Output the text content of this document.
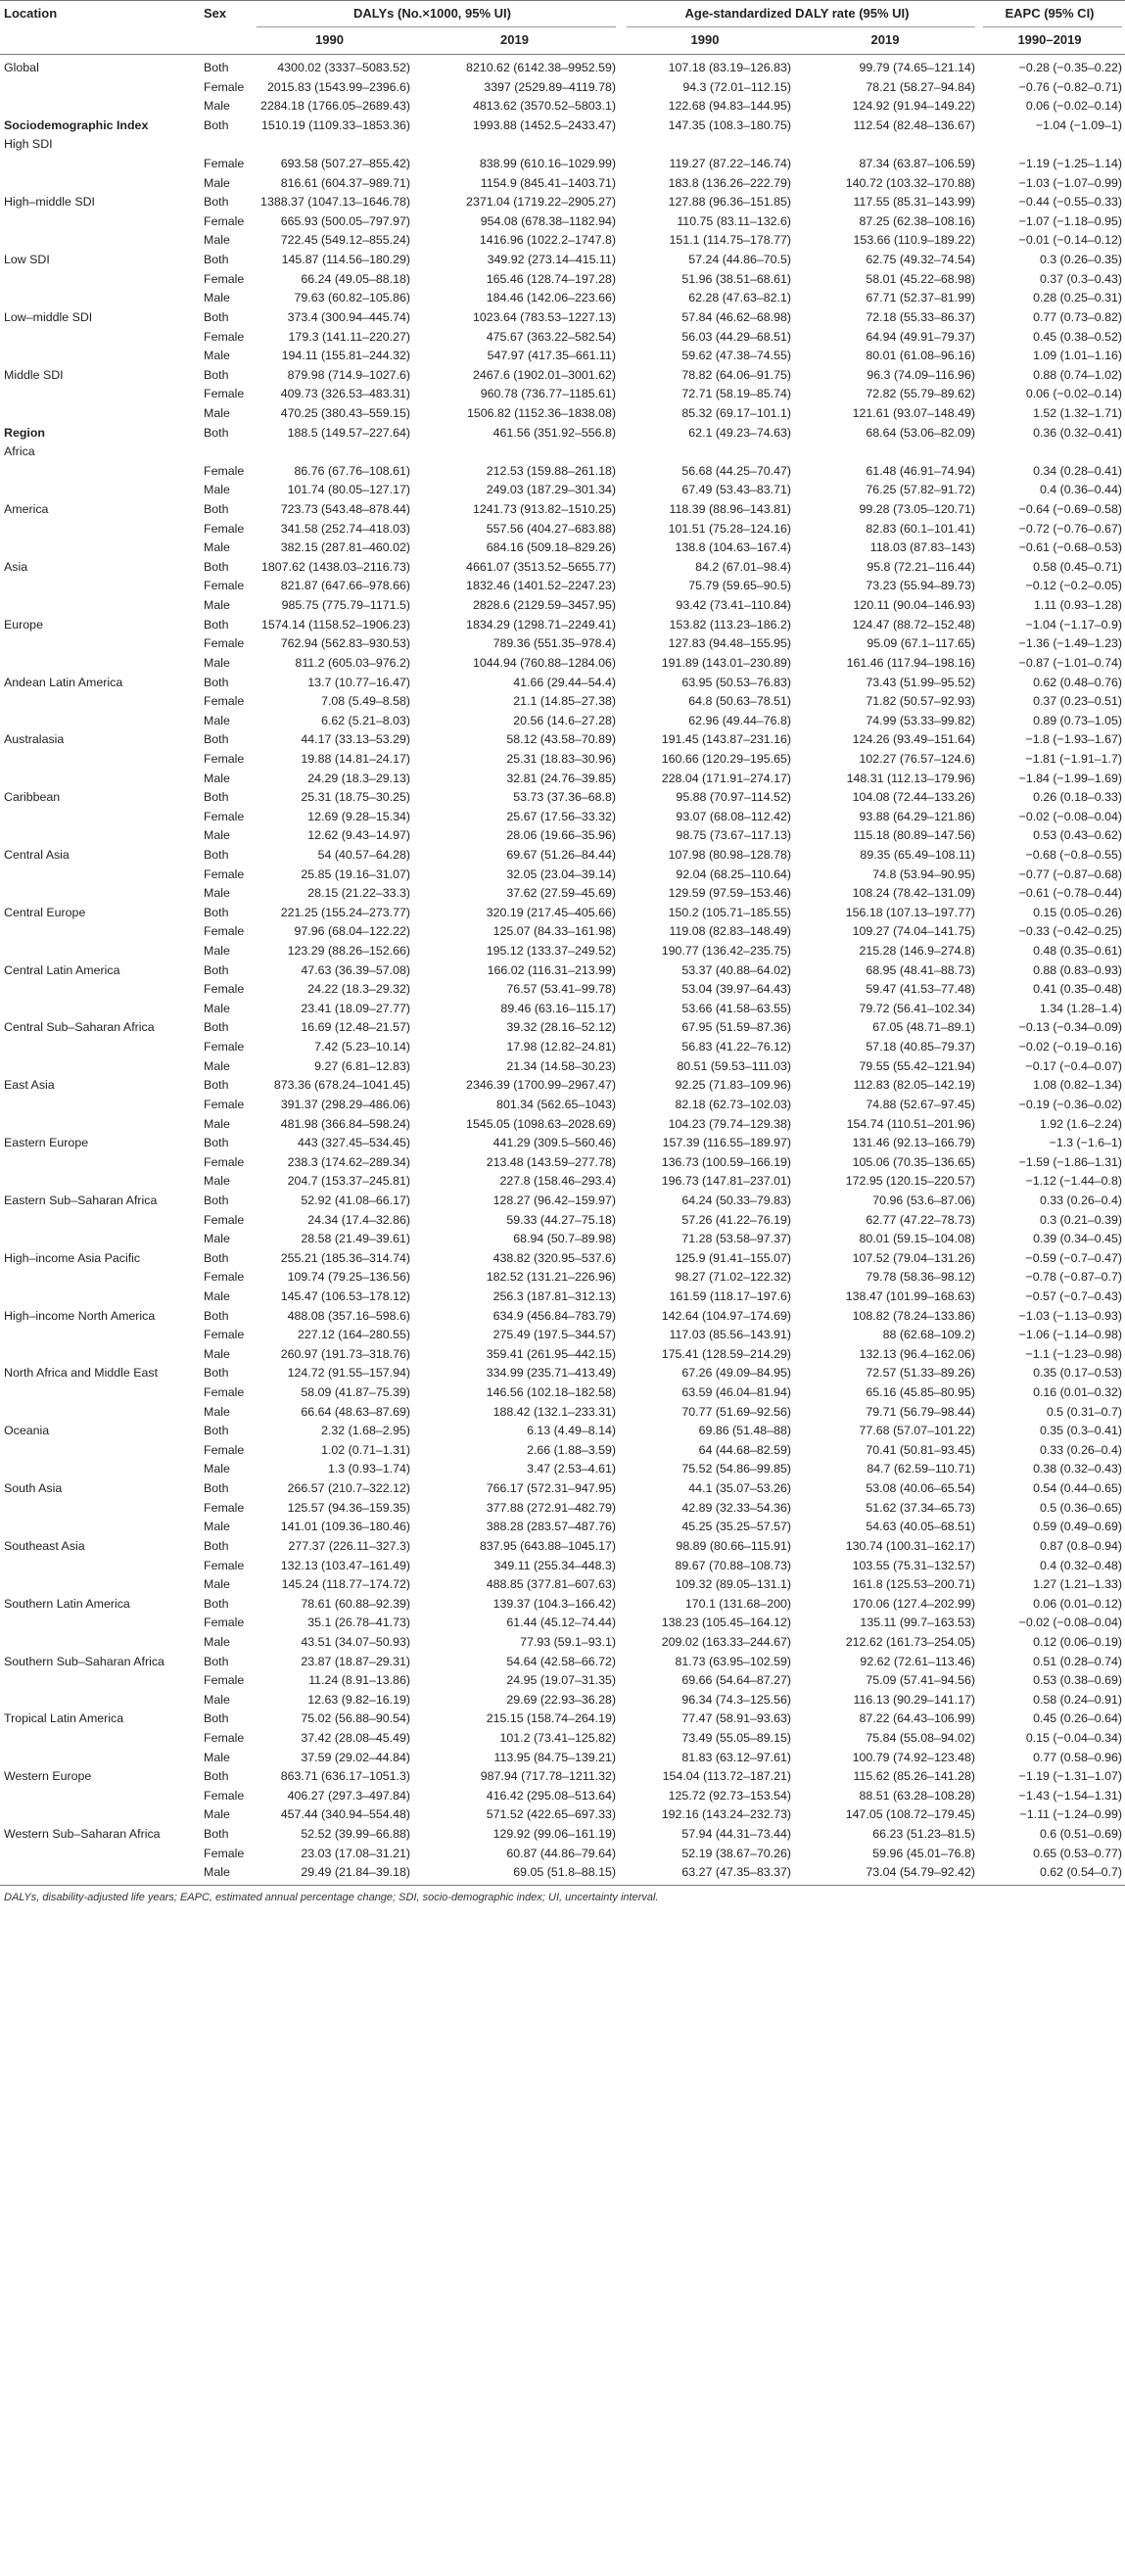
Location	Sex	DALYs (No.×1000, 95% UI)	Age-standardized DALY rate (95% UI)	EAPC (95% CI)
1990	2019	1990	2019	1990–2019
Global	Both	4300.02 (3337–5083.52)	8210.62 (6142.38–9952.59)	107.18 (83.19–126.83)	99.79 (74.65–121.14)	−0.28 (−0.35–0.22)
Female	2015.83 (1543.99–2396.6)	3397 (2529.89–4119.78)	94.3 (72.01–112.15)	78.21 (58.27–94.84)	−0.76 (−0.82–0.71)
Male	2284.18 (1766.05–2689.43)	4813.62 (3570.52–5803.1)	122.68 (94.83–144.95)	124.92 (91.94–149.22)	0.06 (−0.02–0.14)
Sociodemographic Index	Both	1510.19 (1109.33–1853.36)	1993.88 (1452.5–2433.47)	147.35 (108.3–180.75)	112.54 (82.48–136.67)	−1.04 (−1.09–1)
High SDI
Female	693.58 (507.27–855.42)	838.99 (610.16–1029.99)	119.27 (87.22–146.74)	87.34 (63.87–106.59)	−1.19 (−1.25–1.14)
Male	816.61 (604.37–989.71)	1154.9 (845.41–1403.71)	183.8 (136.26–222.79)	140.72 (103.32–170.88)	−1.03 (−1.07–0.99)
High–middle SDI	Both	1388.37 (1047.13–1646.78)	2371.04 (1719.22–2905.27)	127.88 (96.36–151.85)	117.55 (85.31–143.99)	−0.44 (−0.55–0.33)
Female	665.93 (500.05–797.97)	954.08 (678.38–1182.94)	110.75 (83.11–132.6)	87.25 (62.38–108.16)	−1.07 (−1.18–0.95)
Male	722.45 (549.12–855.24)	1416.96 (1022.2–1747.8)	151.1 (114.75–178.77)	153.66 (110.9–189.22)	−0.01 (−0.14–0.12)
Low SDI	Both	145.87 (114.56–180.29)	349.92 (273.14–415.11)	57.24 (44.86–70.5)	62.75 (49.32–74.54)	0.3 (0.26–0.35)
Female	66.24 (49.05–88.18)	165.46 (128.74–197.28)	51.96 (38.51–68.61)	58.01 (45.22–68.98)	0.37 (0.3–0.43)
Male	79.63 (60.82–105.86)	184.46 (142.06–223.66)	62.28 (47.63–82.1)	67.71 (52.37–81.99)	0.28 (0.25–0.31)
Low–middle SDI	Both	373.4 (300.94–445.74)	1023.64 (783.53–1227.13)	57.84 (46.62–68.98)	72.18 (55.33–86.37)	0.77 (0.73–0.82)
Female	179.3 (141.11–220.27)	475.67 (363.22–582.54)	56.03 (44.29–68.51)	64.94 (49.91–79.37)	0.45 (0.38–0.52)
Male	194.11 (155.81–244.32)	547.97 (417.35–661.11)	59.62 (47.38–74.55)	80.01 (61.08–96.16)	1.09 (1.01–1.16)
Middle SDI	Both	879.98 (714.9–1027.6)	2467.6 (1902.01–3001.62)	78.82 (64.06–91.75)	96.3 (74.09–116.96)	0.88 (0.74–1.02)
Female	409.73 (326.53–483.31)	960.78 (736.77–1185.61)	72.71 (58.19–85.74)	72.82 (55.79–89.62)	0.06 (−0.02–0.14)
Male	470.25 (380.43–559.15)	1506.82 (1152.36–1838.08)	85.32 (69.17–101.1)	121.61 (93.07–148.49)	1.52 (1.32–1.71)
Region	Both	188.5 (149.57–227.64)	461.56 (351.92–556.8)	62.1 (49.23–74.63)	68.64 (53.06–82.09)	0.36 (0.32–0.41)
Africa
Female	86.76 (67.76–108.61)	212.53 (159.88–261.18)	56.68 (44.25–70.47)	61.48 (46.91–74.94)	0.34 (0.28–0.41)
Male	101.74 (80.05–127.17)	249.03 (187.29–301.34)	67.49 (53.43–83.71)	76.25 (57.82–91.72)	0.4 (0.36–0.44)
America	Both	723.73 (543.48–878.44)	1241.73 (913.82–1510.25)	118.39 (88.96–143.81)	99.28 (73.05–120.71)	−0.64 (−0.69–0.58)
Female	341.58 (252.74–418.03)	557.56 (404.27–683.88)	101.51 (75.28–124.16)	82.83 (60.1–101.41)	−0.72 (−0.76–0.67)
Male	382.15 (287.81–460.02)	684.16 (509.18–829.26)	138.8 (104.63–167.4)	118.03 (87.83–143)	−0.61 (−0.68–0.53)
Asia	Both	1807.62 (1438.03–2116.73)	4661.07 (3513.52–5655.77)	84.2 (67.01–98.4)	95.8 (72.21–116.44)	0.58 (0.45–0.71)
Female	821.87 (647.66–978.66)	1832.46 (1401.52–2247.23)	75.79 (59.65–90.5)	73.23 (55.94–89.73)	−0.12 (−0.2–0.05)
Male	985.75 (775.79–1171.5)	2828.6 (2129.59–3457.95)	93.42 (73.41–110.84)	120.11 (90.04–146.93)	1.11 (0.93–1.28)
Europe	Both	1574.14 (1158.52–1906.23)	1834.29 (1298.71–2249.41)	153.82 (113.23–186.2)	124.47 (88.72–152.48)	−1.04 (−1.17–0.9)
Female	762.94 (562.83–930.53)	789.36 (551.35–978.4)	127.83 (94.48–155.95)	95.09 (67.1–117.65)	−1.36 (−1.49–1.23)
Male	811.2 (605.03–976.2)	1044.94 (760.88–1284.06)	191.89 (143.01–230.89)	161.46 (117.94–198.16)	−0.87 (−1.01–0.74)
Andean Latin America	Both	13.7 (10.77–16.47)	41.66 (29.44–54.4)	63.95 (50.53–76.83)	73.43 (51.99–95.52)	0.62 (0.48–0.76)
Female	7.08 (5.49–8.58)	21.1 (14.85–27.38)	64.8 (50.63–78.51)	71.82 (50.57–92.93)	0.37 (0.23–0.51)
Male	6.62 (5.21–8.03)	20.56 (14.6–27.28)	62.96 (49.44–76.8)	74.99 (53.33–99.82)	0.89 (0.73–1.05)
Australasia	Both	44.17 (33.13–53.29)	58.12 (43.58–70.89)	191.45 (143.87–231.16)	124.26 (93.49–151.64)	−1.8 (−1.93–1.67)
Female	19.88 (14.81–24.17)	25.31 (18.83–30.96)	160.66 (120.29–195.65)	102.27 (76.57–124.6)	−1.81 (−1.91–1.7)
Male	24.29 (18.3–29.13)	32.81 (24.76–39.85)	228.04 (171.91–274.17)	148.31 (112.13–179.96)	−1.84 (−1.99–1.69)
Caribbean	Both	25.31 (18.75–30.25)	53.73 (37.36–68.8)	95.88 (70.97–114.52)	104.08 (72.44–133.26)	0.26 (0.18–0.33)
Female	12.69 (9.28–15.34)	25.67 (17.56–33.32)	93.07 (68.08–112.42)	93.88 (64.29–121.86)	−0.02 (−0.08–0.04)
Male	12.62 (9.43–14.97)	28.06 (19.66–35.96)	98.75 (73.67–117.13)	115.18 (80.89–147.56)	0.53 (0.43–0.62)
Central Asia	Both	54 (40.57–64.28)	69.67 (51.26–84.44)	107.98 (80.98–128.78)	89.35 (65.49–108.11)	−0.68 (−0.8–0.55)
Female	25.85 (19.16–31.07)	32.05 (23.04–39.14)	92.04 (68.25–110.64)	74.8 (53.94–90.95)	−0.77 (−0.87–0.68)
Male	28.15 (21.22–33.3)	37.62 (27.59–45.69)	129.59 (97.59–153.46)	108.24 (78.42–131.09)	−0.61 (−0.78–0.44)
Central Europe	Both	221.25 (155.24–273.77)	320.19 (217.45–405.66)	150.2 (105.71–185.55)	156.18 (107.13–197.77)	0.15 (0.05–0.26)
Female	97.96 (68.04–122.22)	125.07 (84.33–161.98)	119.08 (82.83–148.49)	109.27 (74.04–141.75)	−0.33 (−0.42–0.25)
Male	123.29 (88.26–152.66)	195.12 (133.37–249.52)	190.77 (136.42–235.75)	215.28 (146.9–274.8)	0.48 (0.35–0.61)
Central Latin America	Both	47.63 (36.39–57.08)	166.02 (116.31–213.99)	53.37 (40.88–64.02)	68.95 (48.41–88.73)	0.88 (0.83–0.93)
Female	24.22 (18.3–29.32)	76.57 (53.41–99.78)	53.04 (39.97–64.43)	59.47 (41.53–77.48)	0.41 (0.35–0.48)
Male	23.41 (18.09–27.77)	89.46 (63.16–115.17)	53.66 (41.58–63.55)	79.72 (56.41–102.34)	1.34 (1.28–1.4)
Central Sub–Saharan Africa	Both	16.69 (12.48–21.57)	39.32 (28.16–52.12)	67.95 (51.59–87.36)	67.05 (48.71–89.1)	−0.13 (−0.34–0.09)
Female	7.42 (5.23–10.14)	17.98 (12.82–24.81)	56.83 (41.22–76.12)	57.18 (40.85–79.37)	−0.02 (−0.19–0.16)
Male	9.27 (6.81–12.83)	21.34 (14.58–30.23)	80.51 (59.53–111.03)	79.55 (55.42–121.94)	−0.17 (−0.4–0.07)
East Asia	Both	873.36 (678.24–1041.45)	2346.39 (1700.99–2967.47)	92.25 (71.83–109.96)	112.83 (82.05–142.19)	1.08 (0.82–1.34)
Female	391.37 (298.29–486.06)	801.34 (562.65–1043)	82.18 (62.73–102.03)	74.88 (52.67–97.45)	−0.19 (−0.36–0.02)
Male	481.98 (366.84–598.24)	1545.05 (1098.63–2028.69)	104.23 (79.74–129.38)	154.74 (110.51–201.96)	1.92 (1.6–2.24)
Eastern Europe	Both	443 (327.45–534.45)	441.29 (309.5–560.46)	157.39 (116.55–189.97)	131.46 (92.13–166.79)	−1.3 (−1.6–1)
Female	238.3 (174.62–289.34)	213.48 (143.59–277.78)	136.73 (100.59–166.19)	105.06 (70.35–136.65)	−1.59 (−1.86–1.31)
Male	204.7 (153.37–245.81)	227.8 (158.46–293.4)	196.73 (147.81–237.01)	172.95 (120.15–220.57)	−1.12 (−1.44–0.8)
Eastern Sub–Saharan Africa	Both	52.92 (41.08–66.17)	128.27 (96.42–159.97)	64.24 (50.33–79.83)	70.96 (53.6–87.06)	0.33 (0.26–0.4)
Female	24.34 (17.4–32.86)	59.33 (44.27–75.18)	57.26 (41.22–76.19)	62.77 (47.22–78.73)	0.3 (0.21–0.39)
Male	28.58 (21.49–39.61)	68.94 (50.7–89.98)	71.28 (53.58–97.37)	80.01 (59.15–104.08)	0.39 (0.34–0.45)
High–income Asia Pacific	Both	255.21 (185.36–314.74)	438.82 (320.95–537.6)	125.9 (91.41–155.07)	107.52 (79.04–131.26)	−0.59 (−0.7–0.47)
Female	109.74 (79.25–136.56)	182.52 (131.21–226.96)	98.27 (71.02–122.32)	79.78 (58.36–98.12)	−0.78 (−0.87–0.7)
Male	145.47 (106.53–178.12)	256.3 (187.81–312.13)	161.59 (118.17–197.6)	138.47 (101.99–168.63)	−0.57 (−0.7–0.43)
High–income North America	Both	488.08 (357.16–598.6)	634.9 (456.84–783.79)	142.64 (104.97–174.69)	108.82 (78.24–133.86)	−1.03 (−1.13–0.93)
Female	227.12 (164–280.55)	275.49 (197.5–344.57)	117.03 (85.56–143.91)	88 (62.68–109.2)	−1.06 (−1.14–0.98)
Male	260.97 (191.73–318.76)	359.41 (261.95–442.15)	175.41 (128.59–214.29)	132.13 (96.4–162.06)	−1.1 (−1.23–0.98)
North Africa and Middle East	Both	124.72 (91.55–157.94)	334.99 (235.71–413.49)	67.26 (49.09–84.95)	72.57 (51.33–89.26)	0.35 (0.17–0.53)
Female	58.09 (41.87–75.39)	146.56 (102.18–182.58)	63.59 (46.04–81.94)	65.16 (45.85–80.95)	0.16 (0.01–0.32)
Male	66.64 (48.63–87.69)	188.42 (132.1–233.31)	70.77 (51.69–92.56)	79.71 (56.79–98.44)	0.5 (0.31–0.7)
Oceania	Both	2.32 (1.68–2.95)	6.13 (4.49–8.14)	69.86 (51.48–88)	77.68 (57.07–101.22)	0.35 (0.3–0.41)
Female	1.02 (0.71–1.31)	2.66 (1.88–3.59)	64 (44.68–82.59)	70.41 (50.81–93.45)	0.33 (0.26–0.4)
Male	1.3 (0.93–1.74)	3.47 (2.53–4.61)	75.52 (54.86–99.85)	84.7 (62.59–110.71)	0.38 (0.32–0.43)
South Asia	Both	266.57 (210.7–322.12)	766.17 (572.31–947.95)	44.1 (35.07–53.26)	53.08 (40.06–65.54)	0.54 (0.44–0.65)
Female	125.57 (94.36–159.35)	377.88 (272.91–482.79)	42.89 (32.33–54.36)	51.62 (37.34–65.73)	0.5 (0.36–0.65)
Male	141.01 (109.36–180.46)	388.28 (283.57–487.76)	45.25 (35.25–57.57)	54.63 (40.05–68.51)	0.59 (0.49–0.69)
Southeast Asia	Both	277.37 (226.11–327.3)	837.95 (643.88–1045.17)	98.89 (80.66–115.91)	130.74 (100.31–162.17)	0.87 (0.8–0.94)
Female	132.13 (103.47–161.49)	349.11 (255.34–448.3)	89.67 (70.88–108.73)	103.55 (75.31–132.57)	0.4 (0.32–0.48)
Male	145.24 (118.77–174.72)	488.85 (377.81–607.63)	109.32 (89.05–131.1)	161.8 (125.53–200.71)	1.27 (1.21–1.33)
Southern Latin America	Both	78.61 (60.88–92.39)	139.37 (104.3–166.42)	170.1 (131.68–200)	170.06 (127.4–202.99)	0.06 (0.01–0.12)
Female	35.1 (26.78–41.73)	61.44 (45.12–74.44)	138.23 (105.45–164.12)	135.11 (99.7–163.53)	−0.02 (−0.08–0.04)
Male	43.51 (34.07–50.93)	77.93 (59.1–93.1)	209.02 (163.33–244.67)	212.62 (161.73–254.05)	0.12 (0.06–0.19)
Southern Sub–Saharan Africa	Both	23.87 (18.87–29.31)	54.64 (42.58–66.72)	81.73 (63.95–102.59)	92.62 (72.61–113.46)	0.51 (0.28–0.74)
Female	11.24 (8.91–13.86)	24.95 (19.07–31.35)	69.66 (54.64–87.27)	75.09 (57.41–94.56)	0.53 (0.38–0.69)
Male	12.63 (9.82–16.19)	29.69 (22.93–36.28)	96.34 (74.3–125.56)	116.13 (90.29–141.17)	0.58 (0.24–0.91)
Tropical Latin America	Both	75.02 (56.88–90.54)	215.15 (158.74–264.19)	77.47 (58.91–93.63)	87.22 (64.43–106.99)	0.45 (0.26–0.64)
Female	37.42 (28.08–45.49)	101.2 (73.41–125.82)	73.49 (55.05–89.15)	75.84 (55.08–94.02)	0.15 (−0.04–0.34)
Male	37.59 (29.02–44.84)	113.95 (84.75–139.21)	81.83 (63.12–97.61)	100.79 (74.92–123.48)	0.77 (0.58–0.96)
Western Europe	Both	863.71 (636.17–1051.3)	987.94 (717.78–1211.32)	154.04 (113.72–187.21)	115.62 (85.26–141.28)	−1.19 (−1.31–1.07)
Female	406.27 (297.3–497.84)	416.42 (295.08–513.64)	125.72 (92.73–153.54)	88.51 (63.28–108.28)	−1.43 (−1.54–1.31)
Male	457.44 (340.94–554.48)	571.52 (422.65–697.33)	192.16 (143.24–232.73)	147.05 (108.72–179.45)	−1.11 (−1.24–0.99)
Western Sub–Saharan Africa	Both	52.52 (39.99–66.88)	129.92 (99.06–161.19)	57.94 (44.31–73.44)	66.23 (51.23–81.5)	0.6 (0.51–0.69)
Female	23.03 (17.08–31.21)	60.87 (44.86–79.64)	52.19 (38.67–70.26)	59.96 (45.01–76.8)	0.65 (0.53–0.77)
Male	29.49 (21.84–39.18)	69.05 (51.8–88.15)	63.27 (47.35–83.37)	73.04 (54.79–92.42)	0.62 (0.54–0.7)
DALYs, disability-adjusted life years; EAPC, estimated annual percentage change; SDI, socio-demographic index; UI, uncertainty interval.
